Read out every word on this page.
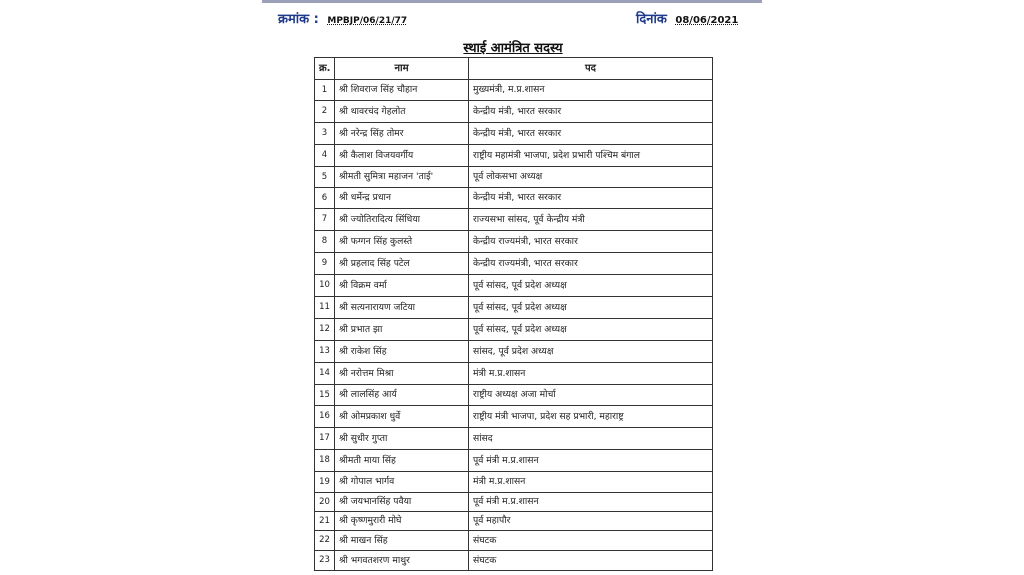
क्रमांक : MPBJP/06/21/77	दिनांक 08/06/2021
स्थाई आमंत्रित सदस्य
क्र.	नाम	पद
1	श्री शिवराज सिंह चौहान	मुख्यमंत्री, म.प्र.शासन
2	श्री थावरचंद गेहलोत	केन्द्रीय मंत्री, भारत सरकार
3	श्री नरेन्द्र सिंह तोमर	केन्द्रीय मंत्री, भारत सरकार
4	श्री कैलाश विजयवर्गीय	राष्ट्रीय महामंत्री भाजपा, प्रदेश प्रभारी पश्चिम बंगाल
5	श्रीमती सुमित्रा महाजन 'ताई'	पूर्व लोकसभा अध्यक्ष
6	श्री धर्मेन्द्र प्रधान	केन्द्रीय मंत्री, भारत सरकार
7	श्री ज्योतिरादित्य सिंधिया	राज्यसभा सांसद, पूर्व केन्द्रीय मंत्री
8	श्री फग्गन सिंह कुलस्ते	केन्द्रीय राज्यमंत्री, भारत सरकार
9	श्री प्रहलाद सिंह पटेल	केन्द्रीय राज्यमंत्री, भारत सरकार
10	श्री विक्रम वर्मा	पूर्व सांसद, पूर्व प्रदेश अध्यक्ष
11	श्री सत्यनारायण जटिया	पूर्व सांसद, पूर्व प्रदेश अध्यक्ष
12	श्री प्रभात झा	पूर्व सांसद, पूर्व प्रदेश अध्यक्ष
13	श्री राकेश सिंह	सांसद, पूर्व प्रदेश अध्यक्ष
14	श्री नरोत्तम मिश्रा	मंत्री म.प्र.शासन
15	श्री लालसिंह आर्य	राष्ट्रीय अध्यक्ष अजा मोर्चा
16	श्री ओमप्रकाश धुर्वे	राष्ट्रीय मंत्री भाजपा, प्रदेश सह प्रभारी, महाराष्ट्र
17	श्री सुधीर गुप्ता	सांसद
18	श्रीमती माया सिंह	पूर्व मंत्री म.प्र.शासन
19	श्री गोपाल भार्गव	मंत्री म.प्र.शासन
20	श्री जयभानसिंह पवैया	पूर्व मंत्री म.प्र.शासन
21	श्री कृष्णमुरारी मोघे	पूर्व महापौर
22	श्री माखन सिंह	संघटक
23	श्री भगवतशरण माथुर	संघटक
